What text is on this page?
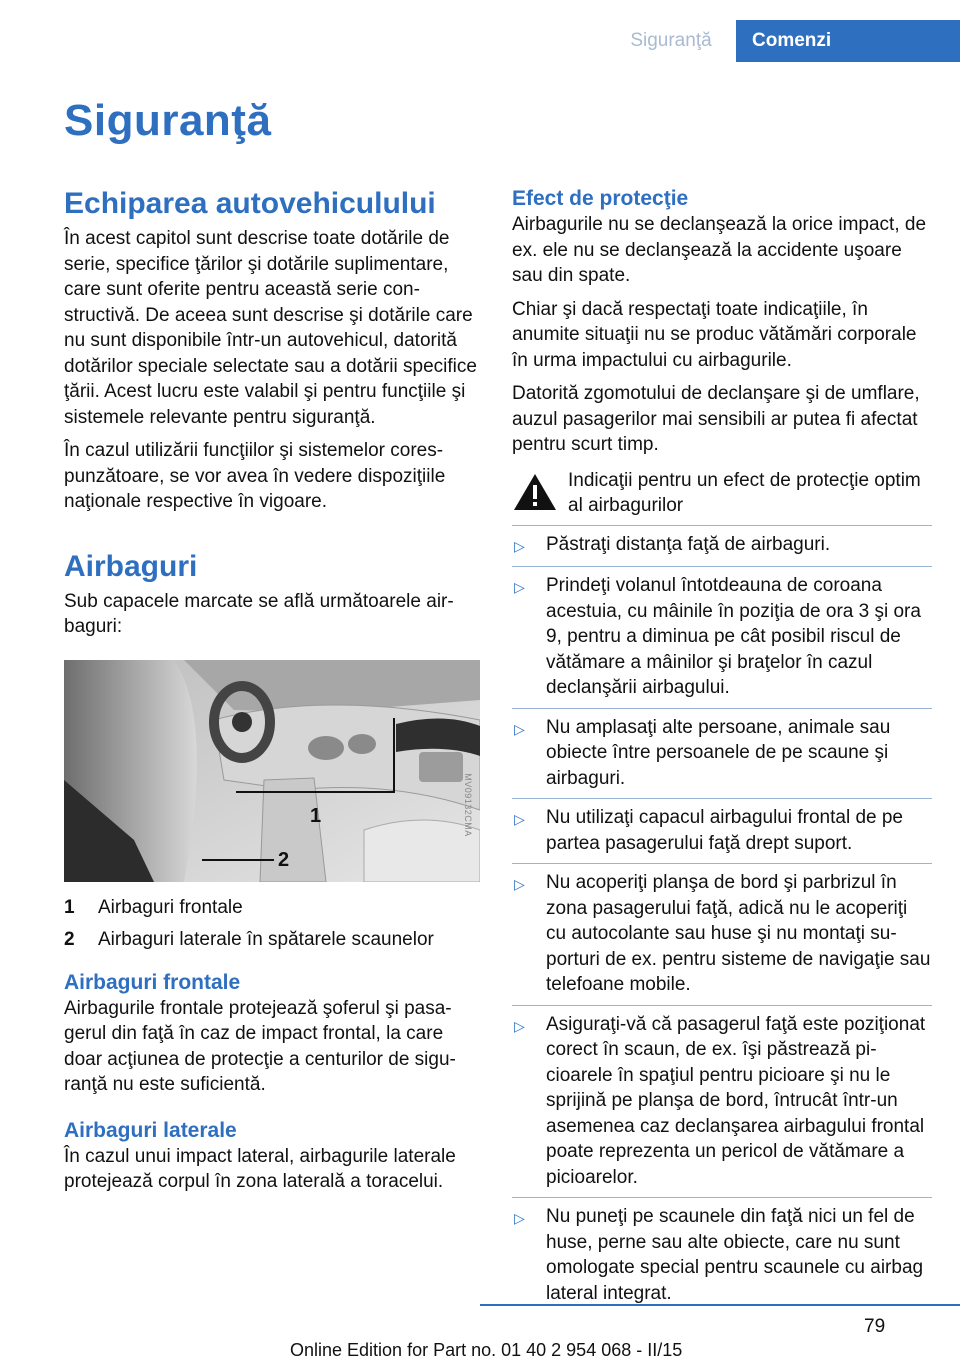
Siguranţă	Comenzi
Siguranţă
Echiparea autovehiculului

În acest capitol sunt descrise toate dotările de serie, specifice ţărilor şi dotările suplimentare, care sunt oferite pentru această serie constructivă. De aceea sunt descrise şi dotările care nu sunt disponibile într-un autovehicul, datorită dotărilor speciale selectate sau a dotării specifice ţării. Acest lucru este valabil şi pentru funcţiile şi sistemele relevante pentru siguranţă.

În cazul utilizării funcţiilor şi sistemelor corespunzătoare, se vor avea în vedere dispoziţiile naţionale respective în vigoare.

Airbaguri

Sub capacele marcate se află următoarele airbaguri:

1
2
MV09132CMA
1	Airbaguri frontale
2	Airbaguri laterale în spătarele scaunelor
Airbaguri frontale

Airbagurile frontale protejează şoferul şi pasagerul din faţă în caz de impact frontal, la care doar acţiunea de protecţie a centurilor de siguranţă nu este suficientă.

Airbaguri laterale

În cazul unui impact lateral, airbagurile laterale protejează corpul în zona laterală a toracelui.

Efect de protecţie

Airbagurile nu se declanşează la orice impact, de ex. ele nu se declanşează la accidente uşoare sau din spate.

Chiar şi dacă respectaţi toate indicaţiile, în anumite situaţii nu se produc vătămări corporale în urma impactului cu airbagurile.

Datorită zgomotului de declanşare şi de umflare, auzul pasagerilor mai sensibili ar putea fi afectat pentru scurt timp.

Indicaţii pentru un efect de protecţie optim al airbagurilor
▷	Păstraţi distanţa faţă de airbaguri.
▷	Prindeţi volanul întotdeauna de coroana acestuia, cu mâinile în poziţia de ora 3 şi ora 9, pentru a diminua pe cât posibil riscul de vătămare a mâinilor şi braţelor în cazul declanşării airbagului.
▷	Nu amplasaţi alte persoane, animale sau obiecte între persoanele de pe scaune şi airbaguri.
▷	Nu utilizaţi capacul airbagului frontal de pe partea pasagerului faţă drept suport.
▷	Nu acoperiţi planşa de bord şi parbrizul în zona pasagerului faţă, adică nu le acoperiţi cu autocolante sau huse şi nu montaţi suporturi de ex. pentru sisteme de navigaţie sau telefoane mobile.
▷	Asiguraţi-vă că pasagerul faţă este poziţionat corect în scaun, de ex. îşi păstrează picioarele în spaţiul pentru picioare şi nu le sprijină pe planşa de bord, întrucât într-un asemenea caz declanşarea airbagului frontal poate reprezenta un pericol de vătămare a picioarelor.
▷	Nu puneţi pe scaunele din faţă nici un fel de huse, perne sau alte obiecte, care nu sunt omologate special pentru scaunele cu airbag lateral integrat.
79
Online Edition for Part no. 01 40 2 954 068 - II/15
